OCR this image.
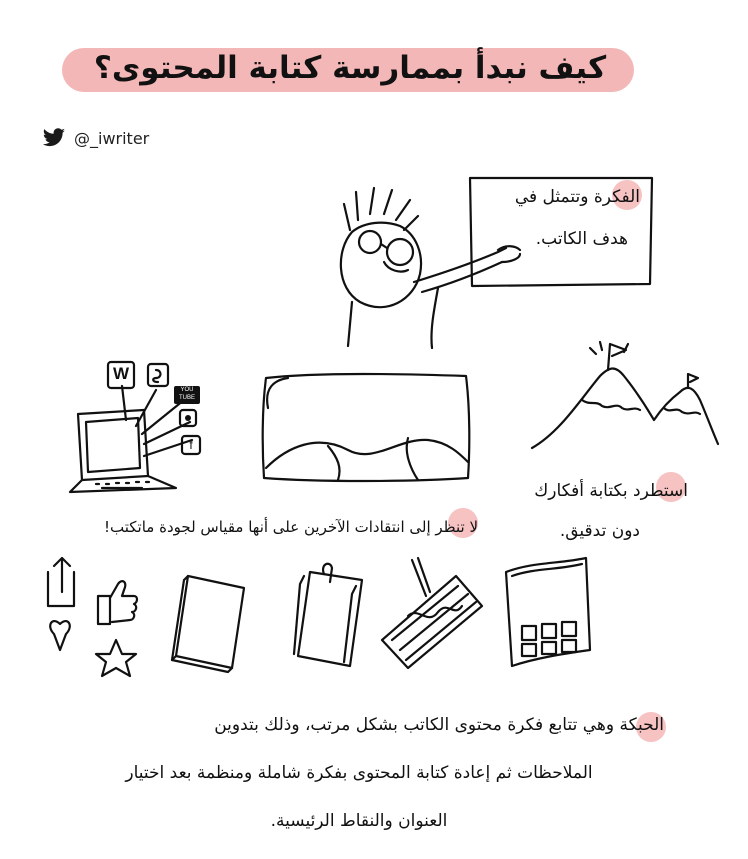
كيف نبدأ بممارسة كتابة المحتوى؟
@_iwriter
الفكرة وتتمثل في
هدف الكاتب.
W
YOU
TUBE
f
استطرد بكتابة أفكارك
دون تدقيق.
لا تنظر إلى انتقادات الآخرين على أنها مقياس لجودة ماتكتب!
الحبكة وهي تتابع فكرة محتوى الكاتب بشكل مرتب، وذلك بتدوين
الملاحظات ثم إعادة كتابة المحتوى بفكرة شاملة ومنظمة بعد اختيار
العنوان والنقاط الرئيسية.
